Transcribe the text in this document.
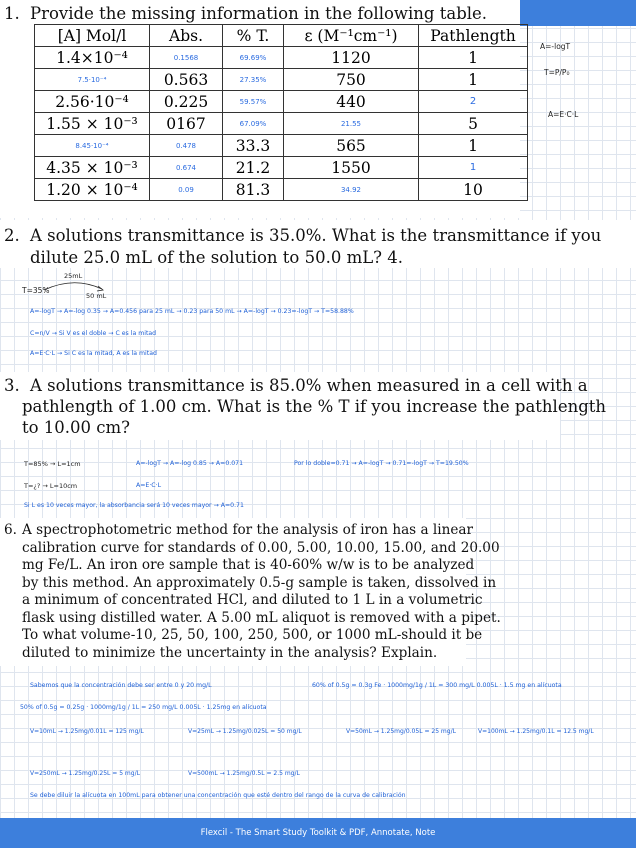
1. Provide the missing information in the following table.
[A] Mol/l	Abs.	% T.	ε (M⁻¹cm⁻¹)	Pathlength
1.4×10⁻⁴	0.1568	69.69%	1120	1
7.5·10⁻⁴	0.563	27.35%	750	1
2.56·10⁻⁴	0.225	59.57%	440	2
1.55 × 10⁻³	0167	67.09%	21.55	5
8.45·10⁻⁴	0.478	33.3	565	1
4.35 × 10⁻³	0.674	21.2	1550	1
1.20 × 10⁻⁴	0.09	81.3	34.92	10
A=-logT
T=P/P₀
A=E·C·L
2. A solutions transmittance is 35.0%. What is the transmittance if you
dilute 25.0 mL of the solution to 50.0 mL? 4.
25mL
T=35%
50 mL
A=-logT → A=-log 0.35 → A=0.456 para 25 mL → 0.23 para 50 mL → A=-logT → 0.23=-logT → T=58.88%
C=n/V → Si V es el doble → C es la mitad
A=E·C·L → Si C es la mitad, A es la mitad
3. A solutions transmittance is 85.0% when measured in a cell with a
pathlength of 1.00 cm. What is the % T if you increase the pathlength
to 10.00 cm?
T=85% → L=1cm	A=-logT → A=-log 0.85 → A=0.071	Por lo doble=0.71 → A=-logT → 0.71=-logT → T=19.50%
T=¿? → L=10cm	A=E·C·L
Si L es 10 veces mayor, la absorbancia será 10 veces mayor → A=0.71
6. A spectrophotometric method for the analysis of iron has a linear
calibration curve for standards of 0.00, 5.00, 10.00, 15.00, and 20.00
mg Fe/L. An iron ore sample that is 40-60% w/w is to be analyzed
by this method. An approximately 0.5-g sample is taken, dissolved in
a minimum of concentrated HCl, and diluted to 1 L in a volumetric
flask using distilled water. A 5.00 mL aliquot is removed with a pipet.
To what volume-10, 25, 50, 100, 250, 500, or 1000 mL-should it be
diluted to minimize the uncertainty in the analysis? Explain.
Sabemos que la concentración debe ser entre 0 y 20 mg/L	60% of 0.5g = 0.3g Fe · 1000mg/1g / 1L = 300 mg/L 0.005L · 1.5 mg en alícuota
50% of 0.5g = 0.25g · 1000mg/1g / 1L = 250 mg/L 0.005L · 1.25mg en alícuota
V=10mL → 1.25mg/0.01L = 125 mg/L	V=25mL → 1.25mg/0.025L = 50 mg/L	V=50mL → 1.25mg/0.05L = 25 mg/L	V=100mL → 1.25mg/0.1L = 12.5 mg/L
V=250mL → 1.25mg/0.25L = 5 mg/L	V=500mL → 1.25mg/0.5L = 2.5 mg/L
Se debe diluir la alícuota en 100mL para obtener una concentración que esté dentro del rango de la curva de calibración
Flexcil - The Smart Study Toolkit & PDF, Annotate, Note
